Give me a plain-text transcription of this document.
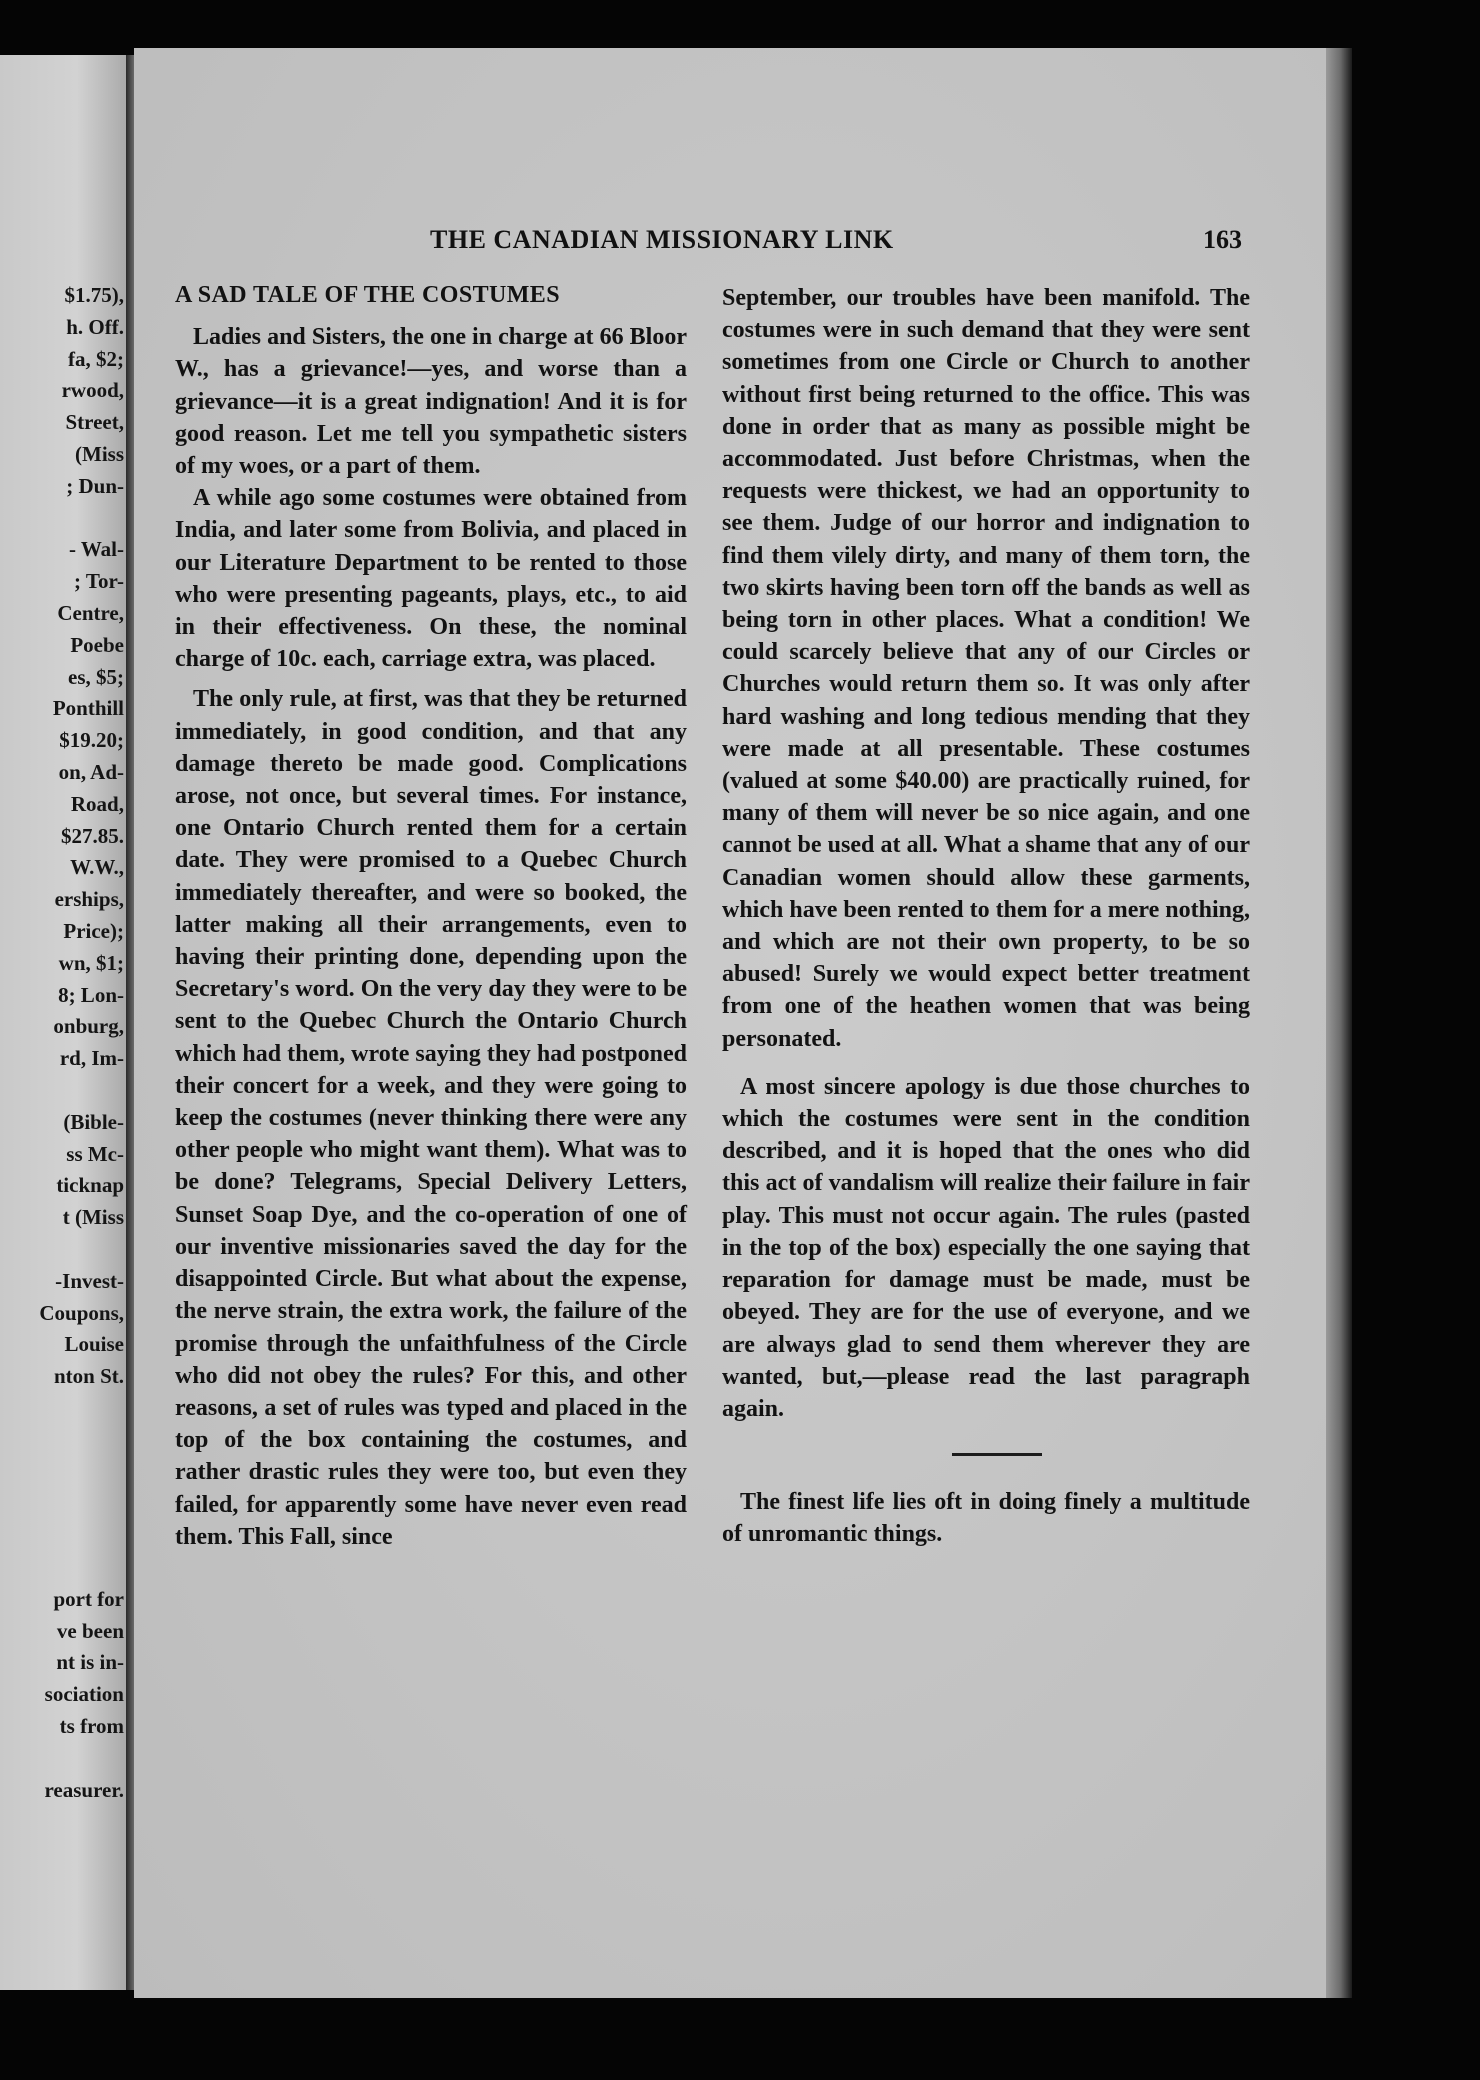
$1.75),
h. Off.
fa, $2;
rwood,
Street,
(Miss
; Dun-
- Wal-
; Tor-
Centre,
Poebe
es, $5;
Ponthill
$19.20;
on, Ad-
Road,
$27.85.
W.W.,
erships,
Price);
wn, $1;
8; Lon-
onburg,
rd, Im-
(Bible-
ss Mc-
ticknap
t (Miss
-Invest-
Coupons,
Louise
nton St.
port for
ve been
nt is in-
sociation
ts from
reasurer.
THE CANADIAN MISSIONARY LINK	163
A SAD TALE OF THE COSTUMES

Ladies and Sisters, the one in charge at 66 Bloor W., has a grievance!—yes, and worse than a grievance—it is a great indignation! And it is for good reason. Let me tell you sympathetic sisters of my woes, or a part of them.

A while ago some costumes were obtained from India, and later some from Bolivia, and placed in our Literature Department to be rented to those who were presenting pageants, plays, etc., to aid in their effectiveness. On these, the nominal charge of 10c. each, carriage extra, was placed.

The only rule, at first, was that they be returned immediately, in good condition, and that any damage thereto be made good. Complications arose, not once, but several times. For instance, one Ontario Church rented them for a certain date. They were promised to a Quebec Church immediately thereafter, and were so booked, the latter making all their arrangements, even to having their printing done, depending upon the Secretary's word. On the very day they were to be sent to the Quebec Church the Ontario Church which had them, wrote saying they had postponed their concert for a week, and they were going to keep the costumes (never thinking there were any other people who might want them). What was to be done? Telegrams, Special Delivery Letters, Sunset Soap Dye, and the co-operation of one of our inventive missionaries saved the day for the disappointed Circle. But what about the expense, the nerve strain, the extra work, the failure of the promise through the unfaithfulness of the Circle who did not obey the rules? For this, and other reasons, a set of rules was typed and placed in the top of the box containing the costumes, and rather drastic rules they were too, but even they failed, for apparently some have never even read them. This Fall, since

September, our troubles have been manifold. The costumes were in such demand that they were sent sometimes from one Circle or Church to another without first being returned to the office. This was done in order that as many as possible might be accommodated. Just before Christmas, when the requests were thickest, we had an opportunity to see them. Judge of our horror and indignation to find them vilely dirty, and many of them torn, the two skirts having been torn off the bands as well as being torn in other places. What a condition! We could scarcely believe that any of our Circles or Churches would return them so. It was only after hard washing and long tedious mending that they were made at all presentable. These costumes (valued at some $40.00) are practically ruined, for many of them will never be so nice again, and one cannot be used at all. What a shame that any of our Canadian women should allow these garments, which have been rented to them for a mere nothing, and which are not their own property, to be so abused! Surely we would expect better treatment from one of the heathen women that was being personated.

A most sincere apology is due those churches to which the costumes were sent in the condition described, and it is hoped that the ones who did this act of vandalism will realize their failure in fair play. This must not occur again. The rules (pasted in the top of the box) especially the one saying that reparation for damage must be made, must be obeyed. They are for the use of everyone, and we are always glad to send them wherever they are wanted, but,—please read the last paragraph again.

The finest life lies oft in doing finely a multitude of unromantic things.
